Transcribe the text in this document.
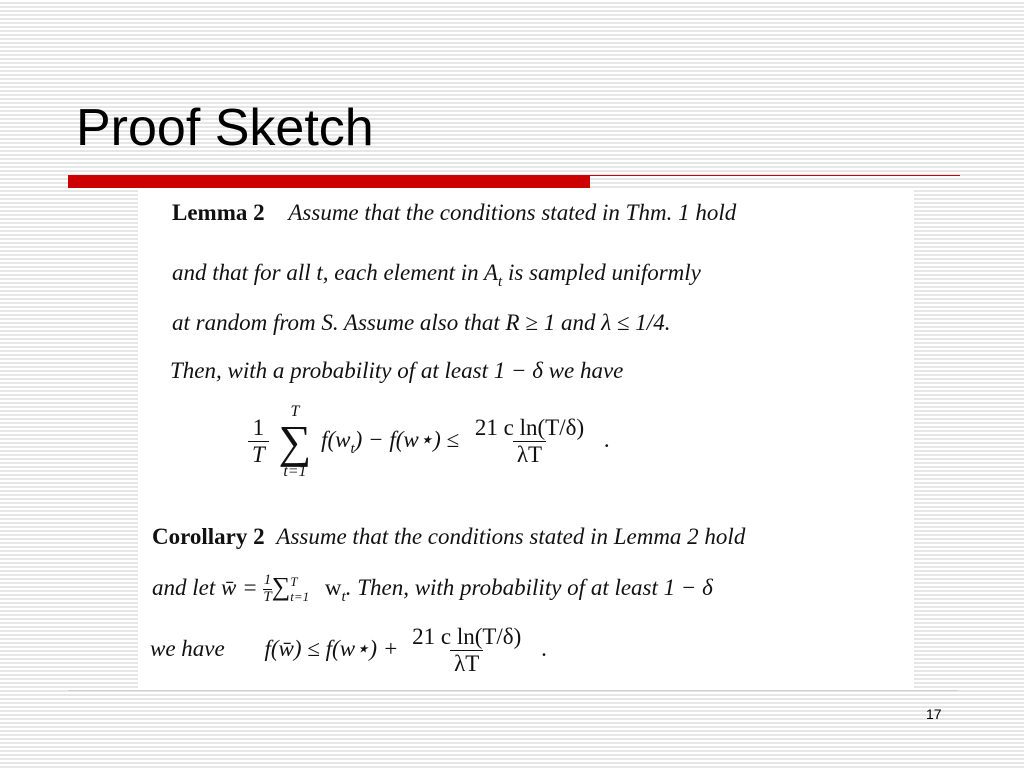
Proof Sketch
Lemma 2 Assume that the conditions stated in Thm. 1 hold
and that for all t, each element in $A_t$ is sampled uniformly
at random from S. Assume also that R ≥ 1 and λ ≤ 1/4.
Then, with a probability of at least 1 − δ we have
$\frac{1}{T}$

T
∑
t=1
$f(w_t)$ − f(w⋆) ≤ $\frac{\text{21 c ln(T/δ)}}{\lambda T}$ .
Corollary 2 Assume that the conditions stated in Lemma 2 hold
and let w̄ = $\frac{1}{T}$ ∑ T
t=1 $w_t$. Then, with probability of at least 1 − δ
we have f(w̄) ≤ f(w⋆) + $\frac{\text{21 c ln(T/δ)}}{\lambda T}$ .
17
